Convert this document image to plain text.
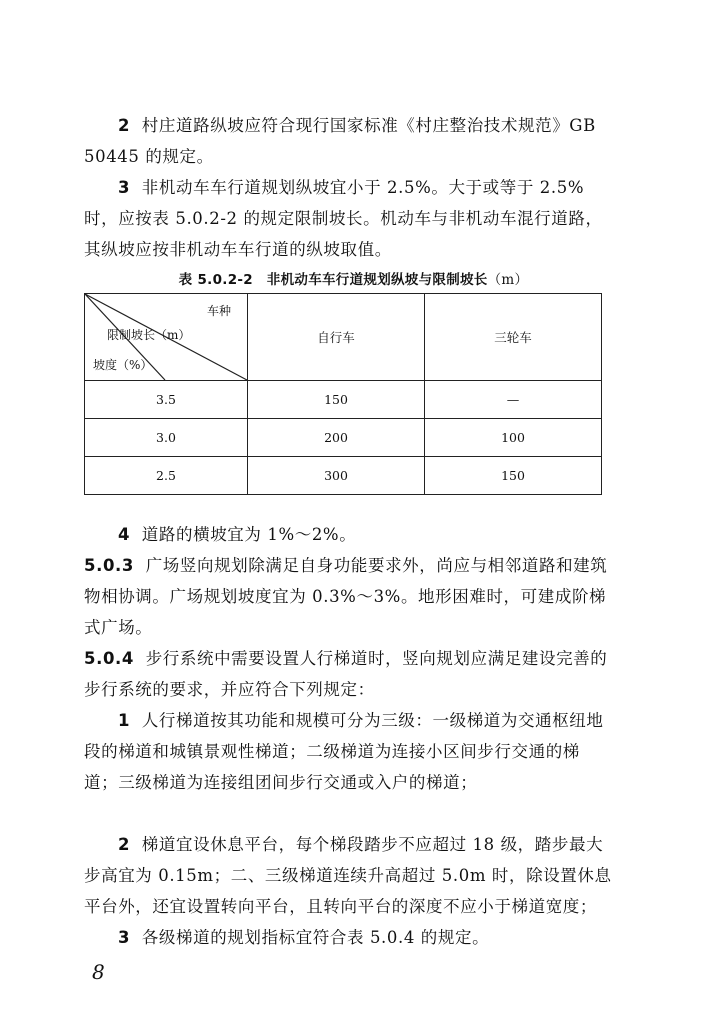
2 村庄道路纵坡应符合现行国家标准《村庄整治技术规范》GB 50445 的规定。

3 非机动车车行道规划纵坡宜小于 2.5%。大于或等于 2.5%时，应按表 5.0.2-2 的规定限制坡长。机动车与非机动车混行道路，其纵坡应按非机动车车行道的纵坡取值。

表 5.0.2-2　非机动车车行道规划纵坡与限制坡长（m）
车种
限制坡长（m）
坡度（%）	自行车	三轮车
3.5	150	—
3.0	200	100
2.5	300	150

4 道路的横坡宜为 1%～2%。

5.0.3 广场竖向规划除满足自身功能要求外，尚应与相邻道路和建筑物相协调。广场规划坡度宜为 0.3%～3%。地形困难时，可建成阶梯式广场。

5.0.4 步行系统中需要设置人行梯道时，竖向规划应满足建设完善的步行系统的要求，并应符合下列规定：

1 人行梯道按其功能和规模可分为三级：一级梯道为交通枢纽地段的梯道和城镇景观性梯道；二级梯道为连接小区间步行交通的梯道；三级梯道为连接组团间步行交通或入户的梯道；

2 梯道宜设休息平台，每个梯段踏步不应超过 18 级，踏步最大步高宜为 0.15m；二、三级梯道连续升高超过 5.0m 时，除设置休息平台外，还宜设置转向平台，且转向平台的深度不应小于梯道宽度；

3 各级梯道的规划指标宜符合表 5.0.4 的规定。

8
